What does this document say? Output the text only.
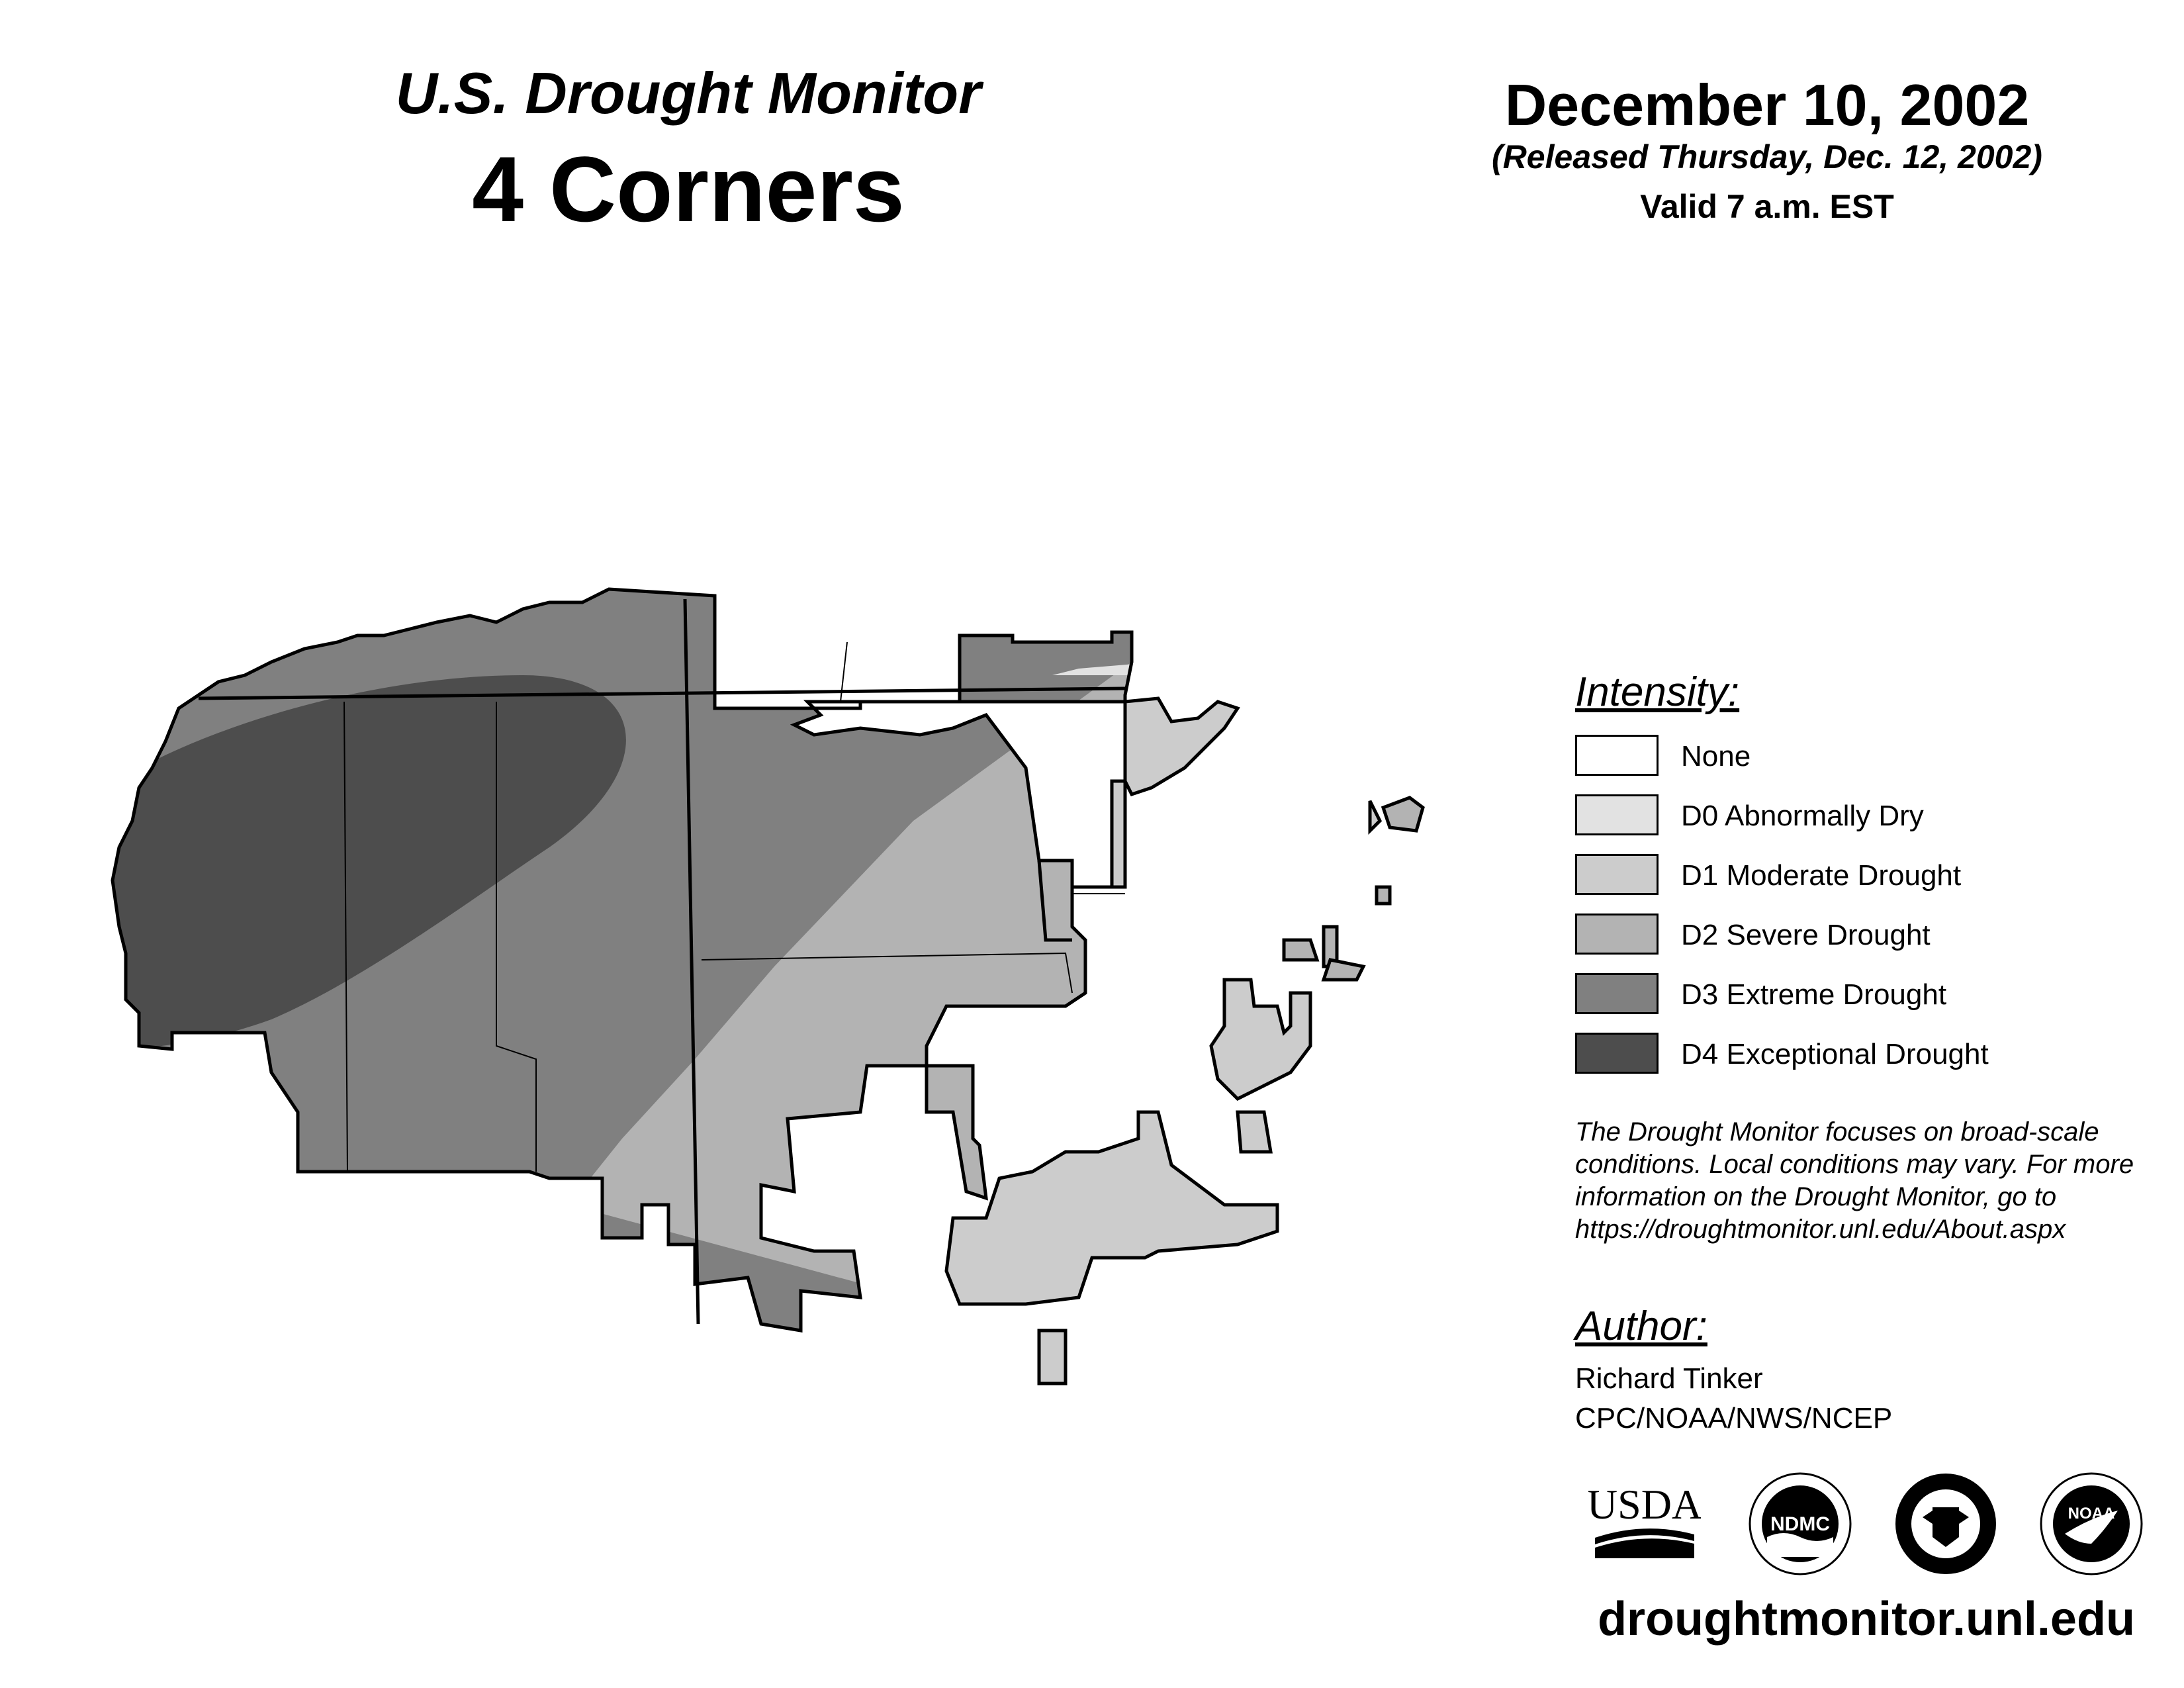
U.S. Drought Monitor
4 Corners
December 10, 2002
(Released Thursday, Dec. 12, 2002)
Valid 7 a.m. EST
Intensity:
None
D0 Abnormally Dry
D1 Moderate Drought
D2 Severe Drought
D3 Extreme Drought
D4 Exceptional Drought
The Drought Monitor focuses on broad-scale
conditions. Local conditions may vary. For more
information on the Drought Monitor, go to
https://droughtmonitor.unl.edu/About.aspx
Author:
Richard Tinker
CPC/NOAA/NWS/NCEP
USDA	NDMC	NOAA
droughtmonitor.unl.edu
